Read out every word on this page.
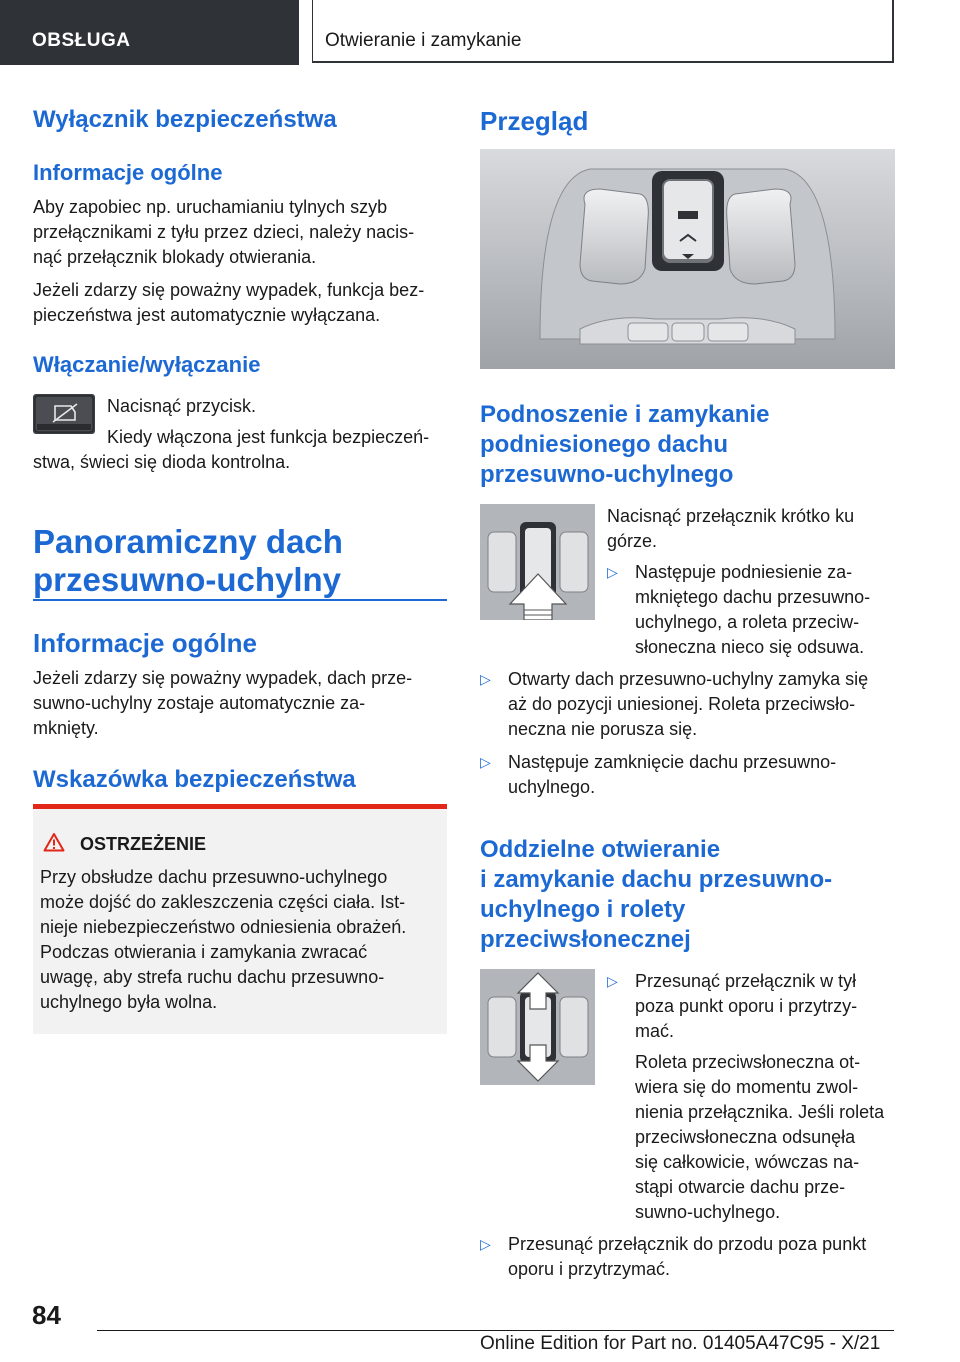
OBSŁUGA	Otwieranie i zamykanie
Wyłącznik bezpieczeństwa
Informacje ogólne
Aby zapobiec np. uruchamianiu tylnych szyb
przełącznikami z tyłu przez dzieci, należy nacis‐
nąć przełącznik blokady otwierania.
Jeżeli zdarzy się poważny wypadek, funkcja bez‐
pieczeństwa jest automatycznie wyłączana.
Włączanie/wyłączanie
Nacisnąć przycisk.
Kiedy włączona jest funkcja bezpieczeń‐
stwa, świeci się dioda kontrolna.
Panoramiczny dach
przesuwno-uchylny
Informacje ogólne
Jeżeli zdarzy się poważny wypadek, dach prze‐
suwno-uchylny zostaje automatycznie za‐
mknięty.
Wskazówka bezpieczeństwa
OSTRZEŻENIE
Przy obsłudze dachu przesuwno-uchylnego
może dojść do zakleszczenia części ciała. Ist‐
nieje niebezpieczeństwo odniesienia obrażeń.
Podczas otwierania i zamykania zwracać
uwagę, aby strefa ruchu dachu przesuwno-
uchylnego była wolna.
Przegląd
Podnoszenie i zamykanie
podniesionego dachu
przesuwno-uchylnego
Nacisnąć przełącznik krótko ku
górze.
▷ Następuje podniesienie za‐
mkniętego dachu przesuwno-
uchylnego, a roleta przeciw‐
słoneczna nieco się odsuwa.
▷ Otwarty dach przesuwno-uchylny zamyka się
aż do pozycji uniesionej. Roleta przeciwsło‐
neczna nie porusza się.
▷ Następuje zamknięcie dachu przesuwno-
uchylnego.
Oddzielne otwieranie
i zamykanie dachu przesuwno-
uchylnego i rolety
przeciwsłonecznej
▷ Przesunąć przełącznik w tył
poza punkt oporu i przytrzy‐
mać.
Roleta przeciwsłoneczna ot‐
wiera się do momentu zwol‐
nienia przełącznika. Jeśli roleta
przeciwsłoneczna odsunęła
się całkowicie, wówczas na‐
stąpi otwarcie dachu prze‐
suwno-uchylnego.
▷ Przesunąć przełącznik do przodu poza punkt
oporu i przytrzymać.
84
Online Edition for Part no. 01405A47C95 - X/21
